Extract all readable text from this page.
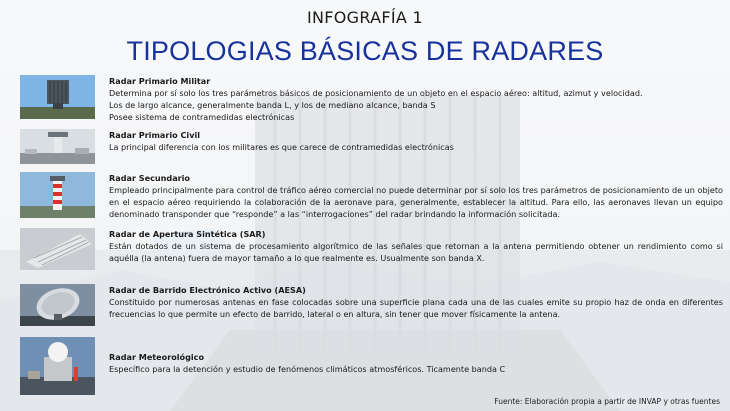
INFOGRAFÍA 1
TIPOLOGIAS BÁSICAS DE RADARES
Radar Primario Militar
Determina por sí solo los tres parámetros básicos de posicionamiento de un objeto en el espacio aéreo: altitud, azimut y velocidad.
Los de largo alcance, generalmente banda L, y los de mediano alcance, banda S
Posee sistema de contramedidas electrónicas
Radar Primario Civil
La principal diferencia con los militares es que carece de contramedidas electrónicas
Radar Secundario
Empleado principalmente para control de tráfico aéreo comercial no puede determinar por sí solo los tres parámetros de posicionamiento de un objeto en el espacio aéreo requiriendo la colaboración de la aeronave para, generalmente, establecer la altitud. Para ello, las aeronaves llevan un equipo denominado transponder que “responde” a las “interrogaciones” del radar brindando la información solicitada.
Radar de Apertura Sintética (SAR)
Están dotados de un sistema de procesamiento algorítmico de las señales que retornan a la antena permitiendo obtener un rendimiento como si aquélla (la antena) fuera de mayor tamaño a lo que realmente es. Usualmente son banda X.
Radar de Barrido Electrónico Activo (AESA)
Constituido por numerosas antenas en fase colocadas sobre una superficie plana cada una de las cuales emite su propio haz de onda en diferentes frecuencias lo que permite un efecto de barrido, lateral o en altura, sin tener que mover físicamente la antena.
Radar Meteorológico
Específico para la detención y estudio de fenómenos climáticos atmosféricos. Ticamente banda C
Fuente: Elaboración propia a partir de INVAP y otras fuentes
